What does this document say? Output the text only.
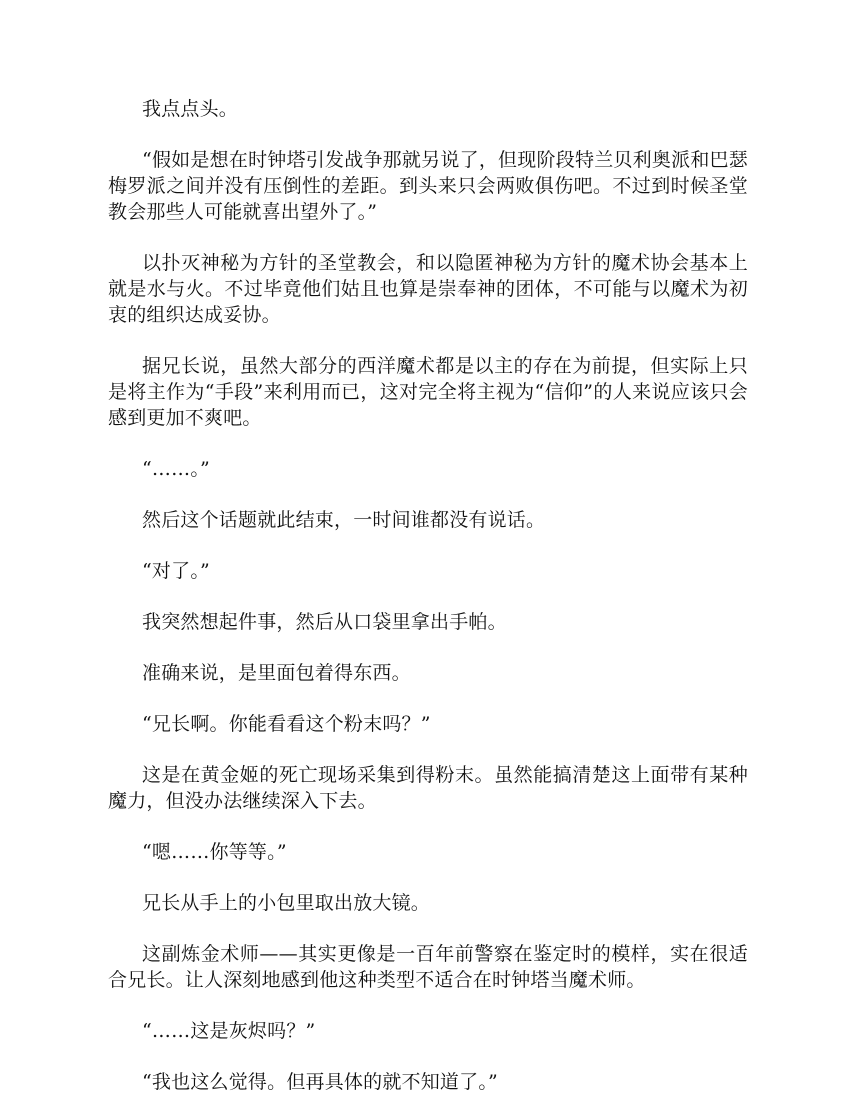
我点点头。

“假如是想在时钟塔引发战争那就另说了，但现阶段特兰贝利奥派和巴瑟梅罗派之间并没有压倒性的差距。到头来只会两败俱伤吧。不过到时候圣堂教会那些人可能就喜出望外了。”

以扑灭神秘为方针的圣堂教会，和以隐匿神秘为方针的魔术协会基本上就是水与火。不过毕竟他们姑且也算是崇奉神的团体，不可能与以魔术为初衷的组织达成妥协。

据兄长说，虽然大部分的西洋魔术都是以主的存在为前提，但实际上只是将主作为“手段”来利用而已，这对完全将主视为“信仰”的人来说应该只会感到更加不爽吧。

“……。”

然后这个话题就此结束，一时间谁都没有说话。

“对了。”

我突然想起件事，然后从口袋里拿出手帕。

准确来说，是里面包着得东西。

“兄长啊。你能看看这个粉末吗？”

这是在黄金姬的死亡现场采集到得粉末。虽然能搞清楚这上面带有某种魔力，但没办法继续深入下去。

“嗯……你等等。”

兄长从手上的小包里取出放大镜。

这副炼金术师——其实更像是一百年前警察在鉴定时的模样，实在很适合兄长。让人深刻地感到他这种类型不适合在时钟塔当魔术师。

“……这是灰烬吗？”

“我也这么觉得。但再具体的就不知道了。”
